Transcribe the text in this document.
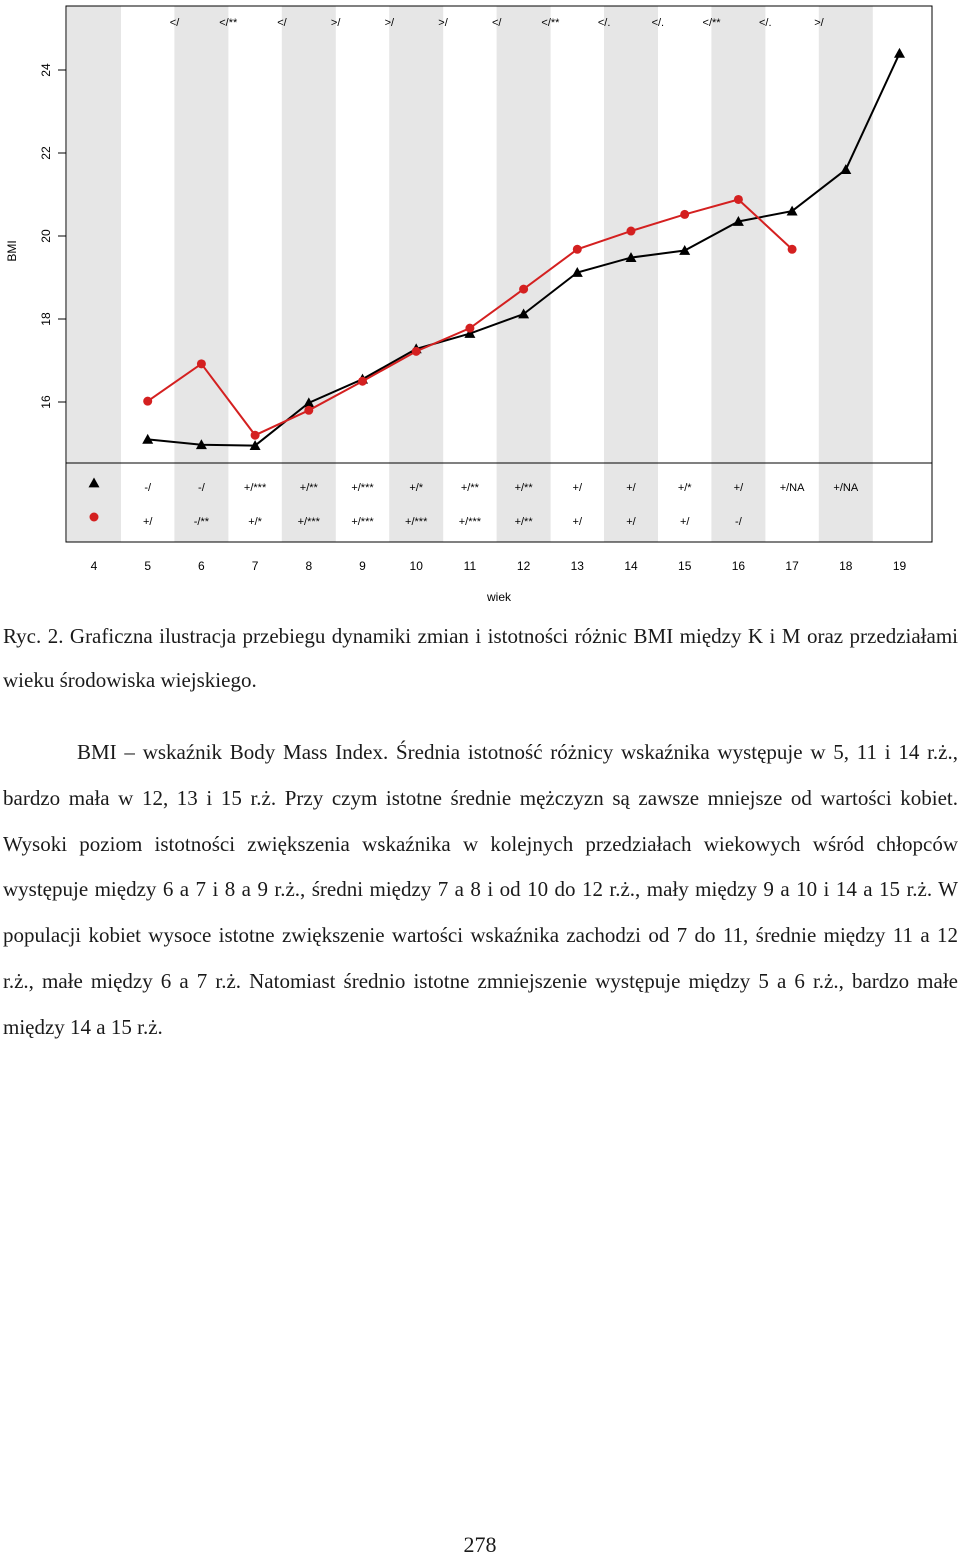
16
18
20
22
24
4	5	6	7	8	9	10	11	12	13	14	15	16	17	18	19
</	</**	</	>/	>/	>/	</	</**	</.	</.	</**	</.	>/
-/	-/	+/***	+/**	+/***	+/*	+/**	+/**	+/	+/	+/*	+/	+/NA	+/NA
+/	-/**	+/*	+/***	+/***	+/***	+/***	+/**	+/	+/	+/	-/
wiek
BMI
Ryc. 2. Graficzna ilustracja przebiegu dynamiki zmian i istotności różnic BMI między K i M oraz przedziałami wieku środowiska wiejskiego.

BMI – wskaźnik Body Mass Index. Średnia istotność różnicy wskaźnika występuje w 5, 11 i 14 r.ż., bardzo mała w 12, 13 i 15 r.ż. Przy czym istotne średnie mężczyzn są zawsze mniejsze od wartości kobiet. Wysoki poziom istotności zwiększenia wskaźnika w kolejnych przedziałach wiekowych wśród chłopców występuje między 6 a 7 i 8 a 9 r.ż., średni między 7 a 8 i od 10 do 12 r.ż., mały między 9 a 10 i 14 a 15 r.ż. W populacji kobiet wysoce istotne zwiększenie wartości wskaźnika zachodzi od 7 do 11, średnie między 11 a 12 r.ż., małe między 6 a 7 r.ż. Natomiast średnio istotne zmniejszenie występuje między 5 a 6 r.ż., bardzo małe między 14 a 15 r.ż.

278
